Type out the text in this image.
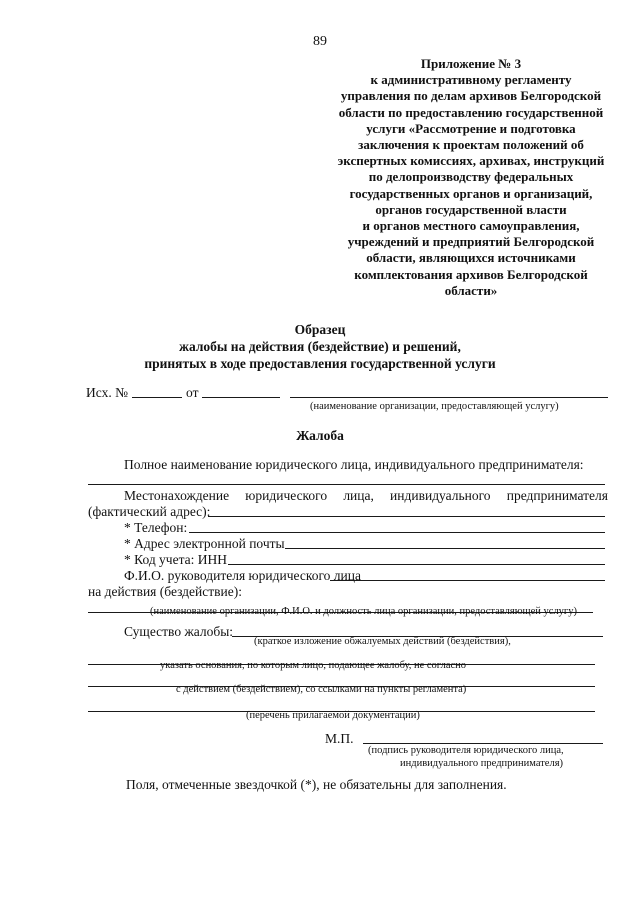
89
Приложение № 3
к административному регламенту
управления по делам архивов Белгородской
области по предоставлению государственной
услуги «Рассмотрение и подготовка
заключения к проектам положений об
экспертных комиссиях, архивах, инструкций
по делопроизводству федеральных
государственных органов и организаций,
органов государственной власти
и органов местного самоуправления,
учреждений и предприятий Белгородской
области, являющихся источниками
комплектования архивов Белгородской
области»
Образец
жалобы на действия (бездействие) и решений,
принятых в ходе предоставления государственной услуги
Исх. №	от
(наименование организации, предоставляющей услугу)
Жалоба
Полное наименование юридического лица, индивидуального предпринимателя:
Местонахождение юридического лица, индивидуального предпринимателя
(фактический адрес):
* Телефон:
* Адрес электронной почты
* Код учета: ИНН
Ф.И.О. руководителя юридического лица
на действия (бездействие):
(наименование организации, Ф.И.О. и должность лица организации, предоставляющей услугу)
Существо жалобы:
(краткое изложение обжалуемых действий (бездействия),
указать основания, по которым лицо, подающее жалобу, не согласно
с действием (бездействием), со ссылками на пункты регламента)
(перечень прилагаемой документации)
М.П.
(подпись руководителя юридического лица,
индивидуального предпринимателя)
Поля, отмеченные звездочкой (*), не обязательны для заполнения.
